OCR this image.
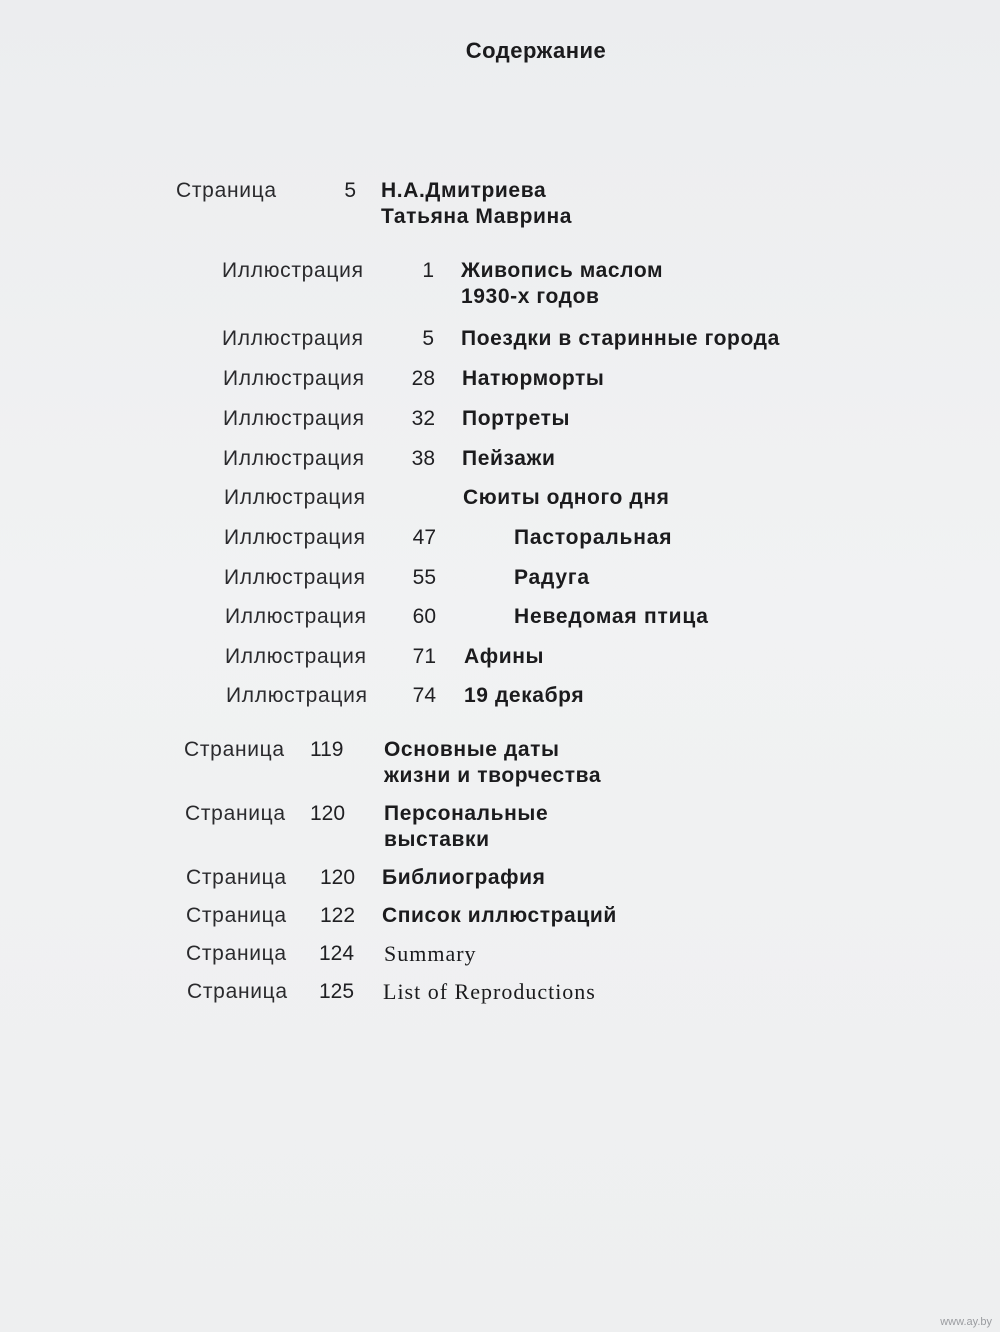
Содержание
Страница	5 Н.А.Дмитриева
Татьяна Маврина
Иллюстрация	1 Живопись маслом
1930-х годов
Иллюстрация	5 Поездки в старинные города
Иллюстрация	28 Натюрморты
Иллюстрация	32 Портреты
Иллюстрация	38 Пейзажи
Иллюстрация	Сюиты одного дня
Иллюстрация	47	Пасторальная
Иллюстрация	55	Радуга
Иллюстрация	60	Неведомая птица
Иллюстрация	71 Афины
Иллюстрация	74 19 декабря
Страница 119	Основные даты
жизни и творчества
Страница 120	Персональные
выставки
Страница 120	Библиография
Страница 122	Список иллюстраций
Страница 124	Summary
Страница 125	List of Reproductions
www.ay.by
